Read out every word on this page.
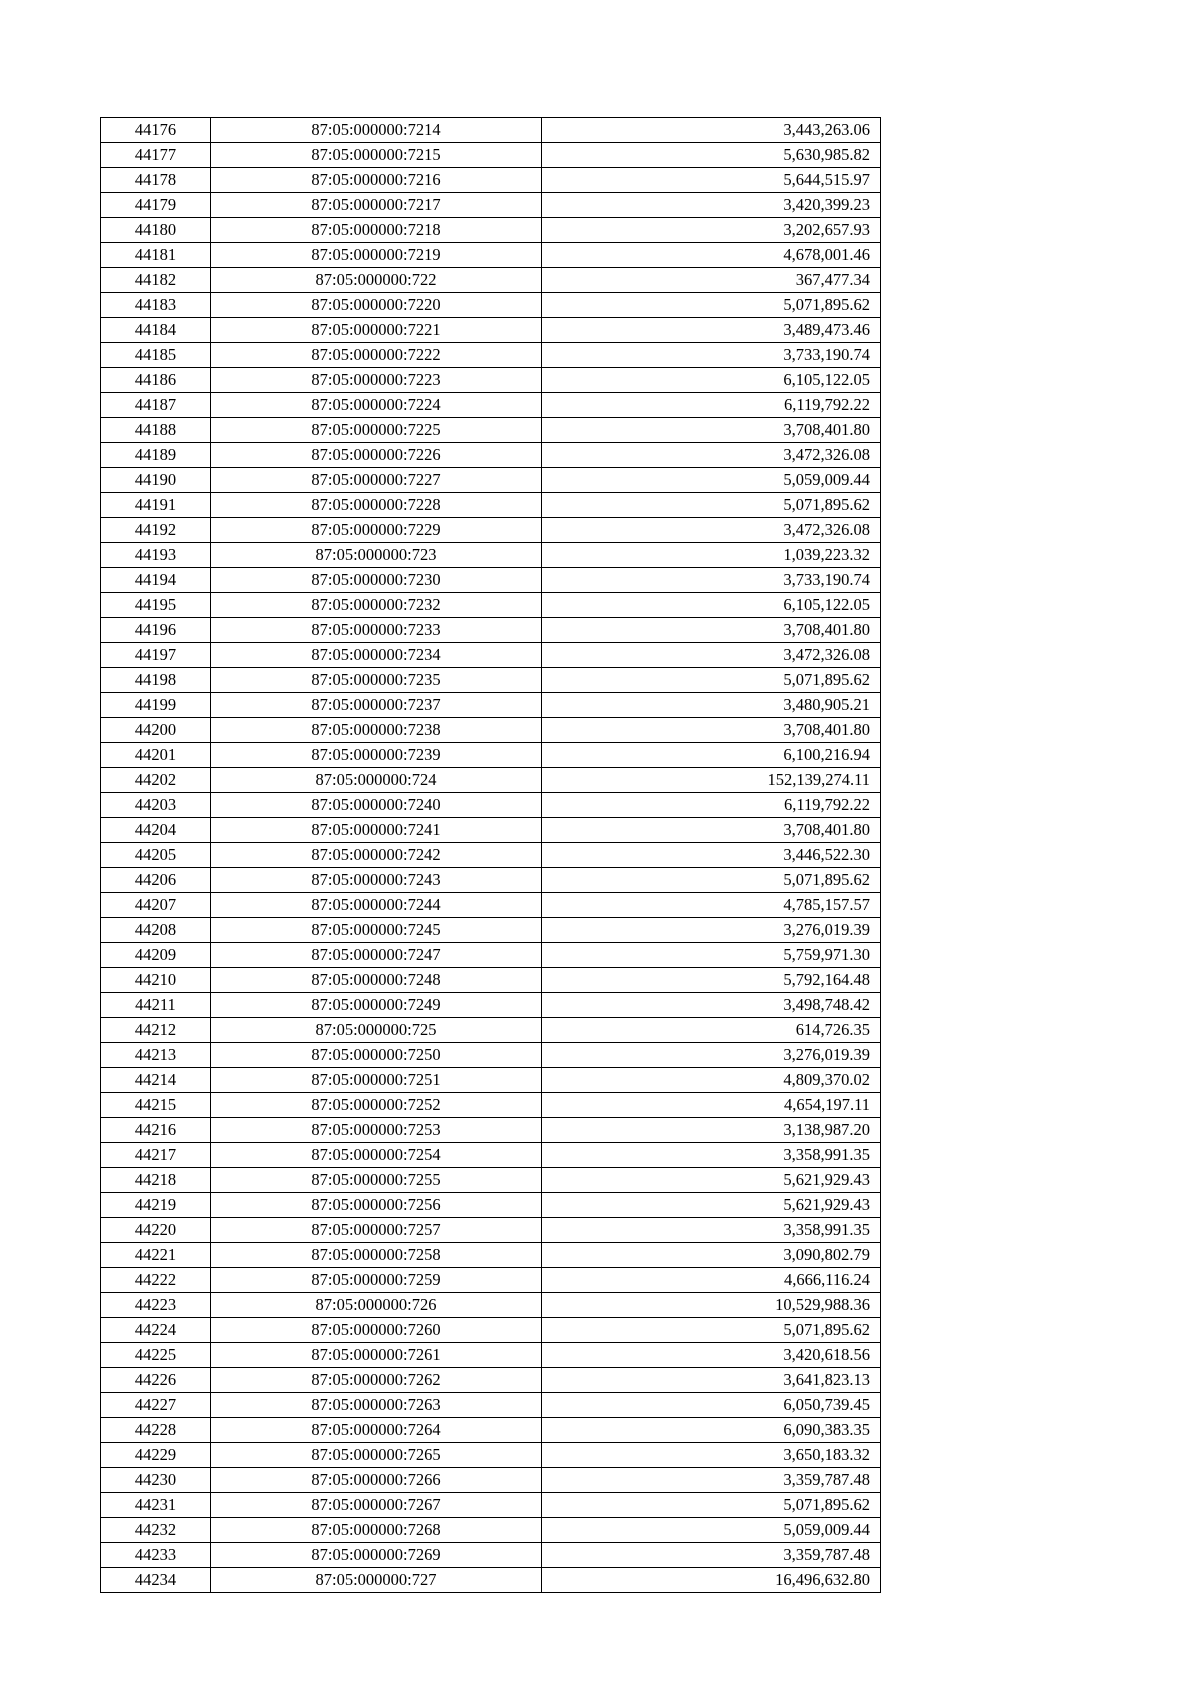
44176	87:05:000000:7214	3,443,263.06
44177	87:05:000000:7215	5,630,985.82
44178	87:05:000000:7216	5,644,515.97
44179	87:05:000000:7217	3,420,399.23
44180	87:05:000000:7218	3,202,657.93
44181	87:05:000000:7219	4,678,001.46
44182	87:05:000000:722	367,477.34
44183	87:05:000000:7220	5,071,895.62
44184	87:05:000000:7221	3,489,473.46
44185	87:05:000000:7222	3,733,190.74
44186	87:05:000000:7223	6,105,122.05
44187	87:05:000000:7224	6,119,792.22
44188	87:05:000000:7225	3,708,401.80
44189	87:05:000000:7226	3,472,326.08
44190	87:05:000000:7227	5,059,009.44
44191	87:05:000000:7228	5,071,895.62
44192	87:05:000000:7229	3,472,326.08
44193	87:05:000000:723	1,039,223.32
44194	87:05:000000:7230	3,733,190.74
44195	87:05:000000:7232	6,105,122.05
44196	87:05:000000:7233	3,708,401.80
44197	87:05:000000:7234	3,472,326.08
44198	87:05:000000:7235	5,071,895.62
44199	87:05:000000:7237	3,480,905.21
44200	87:05:000000:7238	3,708,401.80
44201	87:05:000000:7239	6,100,216.94
44202	87:05:000000:724	152,139,274.11
44203	87:05:000000:7240	6,119,792.22
44204	87:05:000000:7241	3,708,401.80
44205	87:05:000000:7242	3,446,522.30
44206	87:05:000000:7243	5,071,895.62
44207	87:05:000000:7244	4,785,157.57
44208	87:05:000000:7245	3,276,019.39
44209	87:05:000000:7247	5,759,971.30
44210	87:05:000000:7248	5,792,164.48
44211	87:05:000000:7249	3,498,748.42
44212	87:05:000000:725	614,726.35
44213	87:05:000000:7250	3,276,019.39
44214	87:05:000000:7251	4,809,370.02
44215	87:05:000000:7252	4,654,197.11
44216	87:05:000000:7253	3,138,987.20
44217	87:05:000000:7254	3,358,991.35
44218	87:05:000000:7255	5,621,929.43
44219	87:05:000000:7256	5,621,929.43
44220	87:05:000000:7257	3,358,991.35
44221	87:05:000000:7258	3,090,802.79
44222	87:05:000000:7259	4,666,116.24
44223	87:05:000000:726	10,529,988.36
44224	87:05:000000:7260	5,071,895.62
44225	87:05:000000:7261	3,420,618.56
44226	87:05:000000:7262	3,641,823.13
44227	87:05:000000:7263	6,050,739.45
44228	87:05:000000:7264	6,090,383.35
44229	87:05:000000:7265	3,650,183.32
44230	87:05:000000:7266	3,359,787.48
44231	87:05:000000:7267	5,071,895.62
44232	87:05:000000:7268	5,059,009.44
44233	87:05:000000:7269	3,359,787.48
44234	87:05:000000:727	16,496,632.80
